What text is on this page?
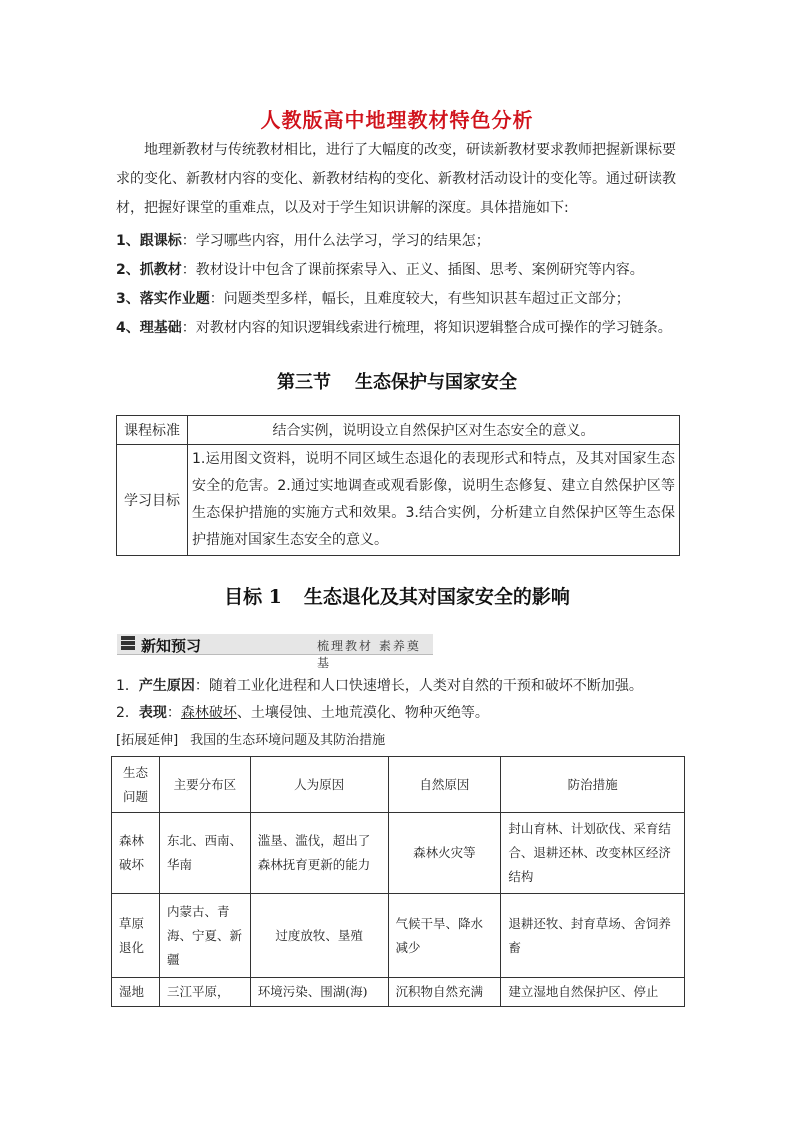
人教版高中地理教材特色分析
地理新教材与传统教材相比，进行了大幅度的改变，研读新教材要求教师把握新课标要求的变化、新教材内容的变化、新教材结构的变化、新教材活动设计的变化等。通过研读教材，把握好课堂的重难点，以及对于学生知识讲解的深度。具体措施如下:
1、跟课标：学习哪些内容，用什么法学习，学习的结果怎；
2、抓教材：教材设计中包含了课前探索导入、正义、插图、思考、案例研究等内容。
3、落实作业题：问题类型多样，幅长，且难度较大，有些知识甚车超过正文部分；
4、理基础：对教材内容的知识逻辑线索进行梳理，将知识逻辑整合成可操作的学习链条。
第三节 生态保护与国家安全
课程标准	结合实例，说明设立自然保护区对生态安全的意义。
学习目标	1.运用图文资料，说明不同区域生态退化的表现形式和特点，及其对国家生态安全的危害。2.通过实地调查或观看影像，说明生态修复、建立自然保护区等生态保护措施的实施方式和效果。3.结合实例，分析建立自然保护区等生态保护措施对国家生态安全的意义。
目标 1 生态退化及其对国家安全的影响
新知预习	梳理教材 素养奠基
1．产生原因：随着工业化进程和人口快速增长，人类对自然的干预和破坏不断加强。
2．表现：森林破坏、土壤侵蚀、土地荒漠化、物种灭绝等。
[拓展延伸] 我国的生态环境问题及其防治措施
生态问题	主要分布区	人为原因	自然原因	防治措施
森林破坏	东北、西南、华南	滥垦、滥伐，超出了森林抚育更新的能力	森林火灾等	封山育林、计划砍伐、采育结合、退耕还林、改变林区经济结构
草原退化	内蒙古、青海、宁夏、新疆	过度放牧、垦殖	气候干旱、降水减少	退耕还牧、封育草场、舍饲养畜
湿地	三江平原，	环境污染、围湖(海)	沉积物自然充满	建立湿地自然保护区、停止
